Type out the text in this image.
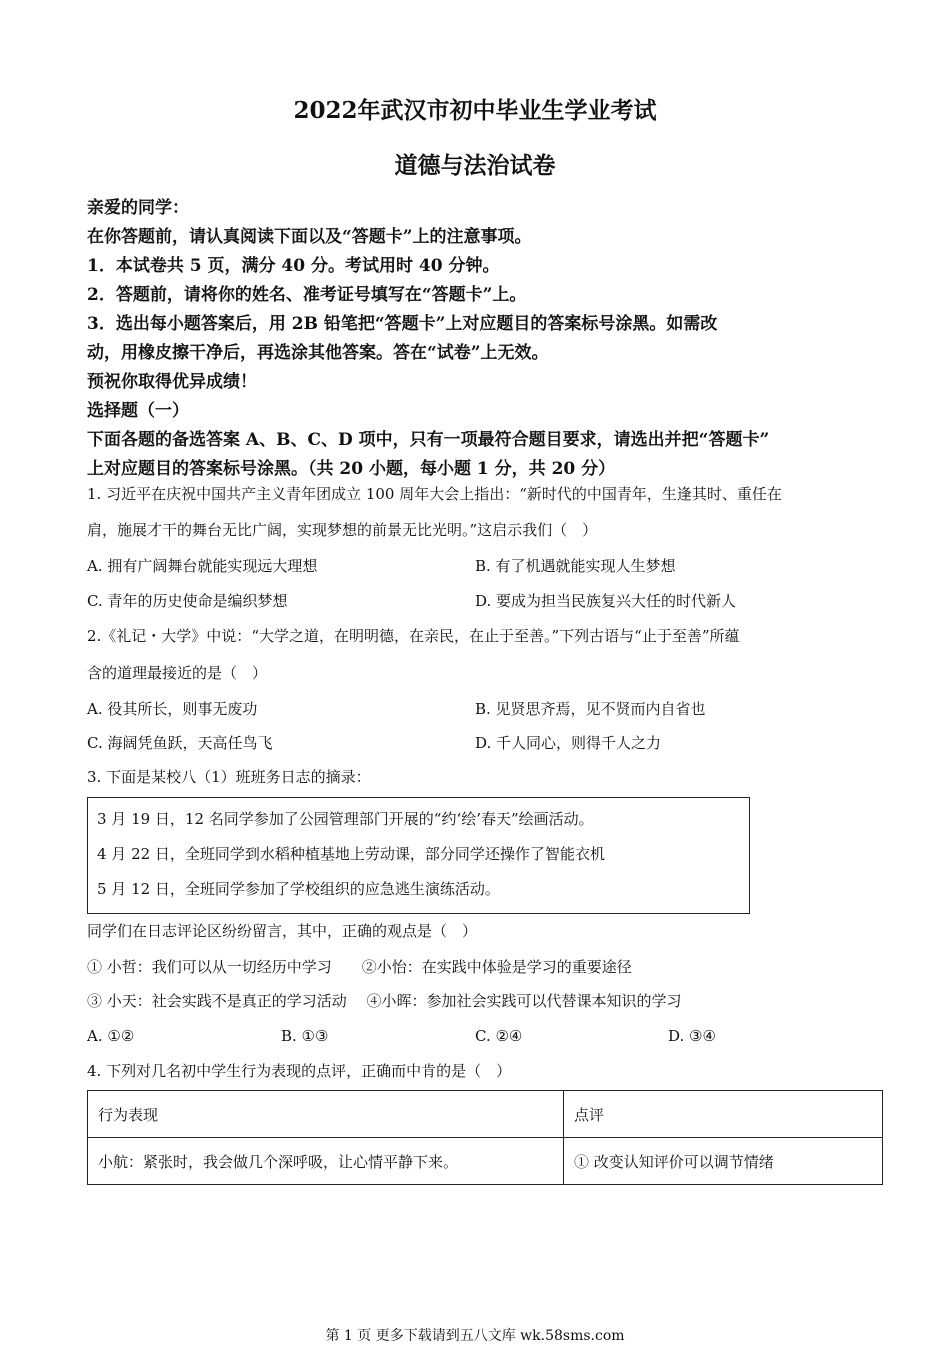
2022年武汉市初中毕业生学业考试
道德与法治试卷
亲爱的同学：
在你答题前，请认真阅读下面以及“答题卡”上的注意事项。
1．本试卷共 5 页，满分 40 分。考试用时 40 分钟。
2．答题前，请将你的姓名、准考证号填写在“答题卡”上。
3．选出每小题答案后，用 2B 铅笔把“答题卡”上对应题目的答案标号涂黑。如需改
动，用橡皮擦干净后，再选涂其他答案。答在“试卷”上无效。
预祝你取得优异成绩！
选择题（一）
下面各题的备选答案 A、B、C、D 项中，只有一项最符合题目要求，请选出并把“答题卡”
上对应题目的答案标号涂黑。（共 20 小题，每小题 1 分，共 20 分）
1. 习近平在庆祝中国共产主义青年团成立 100 周年大会上指出：“新时代的中国青年，生逢其时、重任在
肩，施展才干的舞台无比广阔，实现梦想的前景无比光明。”这启示我们（　）
A. 拥有广阔舞台就能实现远大理想	B. 有了机遇就能实现人生梦想
C. 青年的历史使命是编织梦想	D. 要成为担当民族复兴大任的时代新人
2.《礼记・大学》中说：“大学之道，在明明德，在亲民，在止于至善。”下列古语与“止于至善”所蕴
含的道理最接近的是（　）
A. 役其所长，则事无废功	B. 见贤思齐焉，见不贤而内自省也
C. 海阔凭鱼跃，天高任鸟飞	D. 千人同心，则得千人之力
3. 下面是某校八（1）班班务日志的摘录：
3 月 19 日，12 名同学参加了公园管理部门开展的“约‘绘’春天”绘画活动。
4 月 22 日，全班同学到水稻种植基地上劳动课，部分同学还操作了智能衣机
5 月 12 日，全班同学参加了学校组织的应急逃生演练活动。
同学们在日志评论区纷纷留言，其中，正确的观点是（　）
① 小哲：我们可以从一切经历中学习　　②小怡：在实践中体验是学习的重要途径
③ 小天：社会实践不是真正的学习活动　 ④小晖：参加社会实践可以代替课本知识的学习
A. ①②	B. ①③	C. ②④	D. ③④
4. 下列对几名初中学生行为表现的点评，正确而中肯的是（　）
行为表现	点评
小航：紧张时，我会做几个深呼吸，让心情平静下来。	① 改变认知评价可以调节情绪
第 1 页 更多下载请到五八文库 wk.58sms.com
